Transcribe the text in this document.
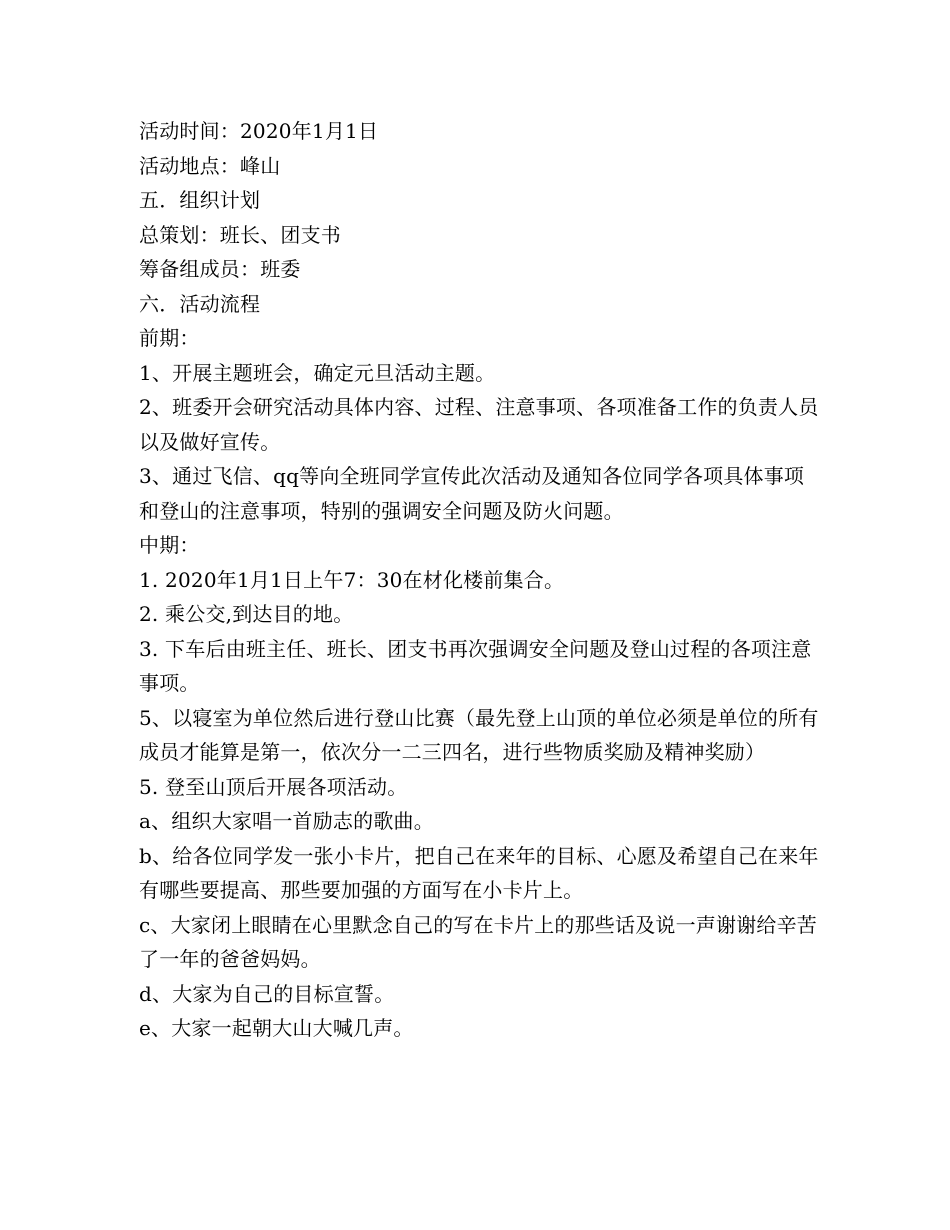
活动时间：2020年1月1日

活动地点：峰山

五．组织计划

总策划：班长、团支书

筹备组成员：班委

六．活动流程

前期：

1、开展主题班会，确定元旦活动主题。

2、班委开会研究活动具体内容、过程、注意事项、各项准备工作的负责人员以及做好宣传。

3、通过飞信、qq等向全班同学宣传此次活动及通知各位同学各项具体事项和登山的注意事项，特别的强调安全问题及防火问题。

中期：

1. 2020年1月1日上午7：30在材化楼前集合。

2. 乘公交,到达目的地。

3. 下车后由班主任、班长、团支书再次强调安全问题及登山过程的各项注意事项。

5、以寝室为单位然后进行登山比赛（最先登上山顶的单位必须是单位的所有成员才能算是第一，依次分一二三四名，进行些物质奖励及精神奖励）

5. 登至山顶后开展各项活动。

a、组织大家唱一首励志的歌曲。

b、给各位同学发一张小卡片，把自己在来年的目标、心愿及希望自己在来年有哪些要提高、那些要加强的方面写在小卡片上。

c、大家闭上眼睛在心里默念自己的写在卡片上的那些话及说一声谢谢给辛苦了一年的爸爸妈妈。

d、大家为自己的目标宣誓。

e、大家一起朝大山大喊几声。
